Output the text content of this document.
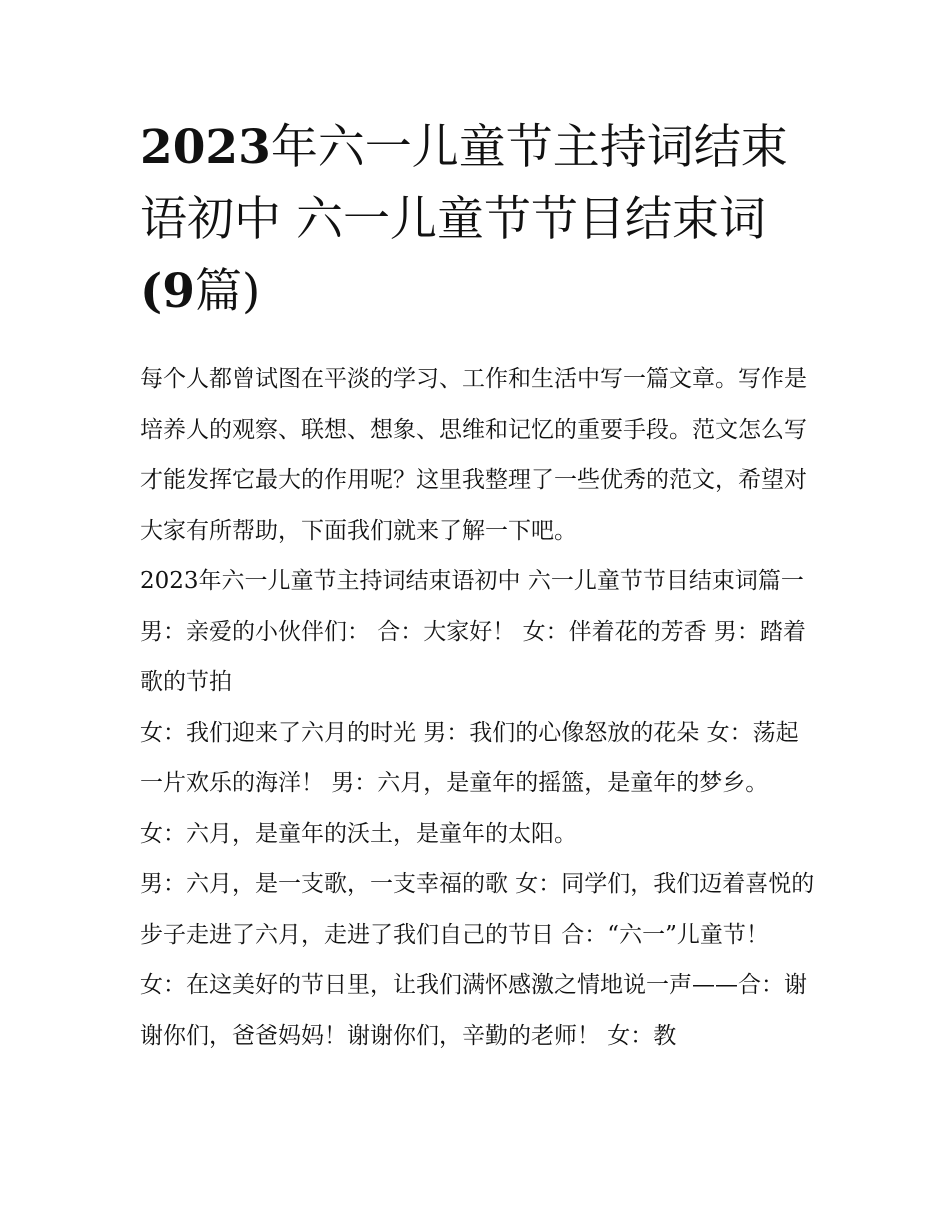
2023年六一儿童节主持词结束语初中 六一儿童节节目结束词
(9篇)

每个人都曾试图在平淡的学习、工作和生活中写一篇文章。写作是培养人的观察、联想、想象、思维和记忆的重要手段。范文怎么写才能发挥它最大的作用呢？这里我整理了一些优秀的范文，希望对大家有所帮助，下面我们就来了解一下吧。

2023年六一儿童节主持词结束语初中 六一儿童节节目结束词篇一 男：亲爱的小伙伴们： 合：大家好！ 女：伴着花的芳香 男：踏着歌的节拍

女：我们迎来了六月的时光 男：我们的心像怒放的花朵 女：荡起一片欢乐的海洋！ 男：六月，是童年的摇篮，是童年的梦乡。 女：六月，是童年的沃土，是童年的太阳。

男：六月，是一支歌，一支幸福的歌 女：同学们，我们迈着喜悦的步子走进了六月，走进了我们自己的节日 合：“六一”儿童节！

女：在这美好的节日里，让我们满怀感激之情地说一声——合：谢谢你们，爸爸妈妈！谢谢你们，辛勤的老师！ 女：教
